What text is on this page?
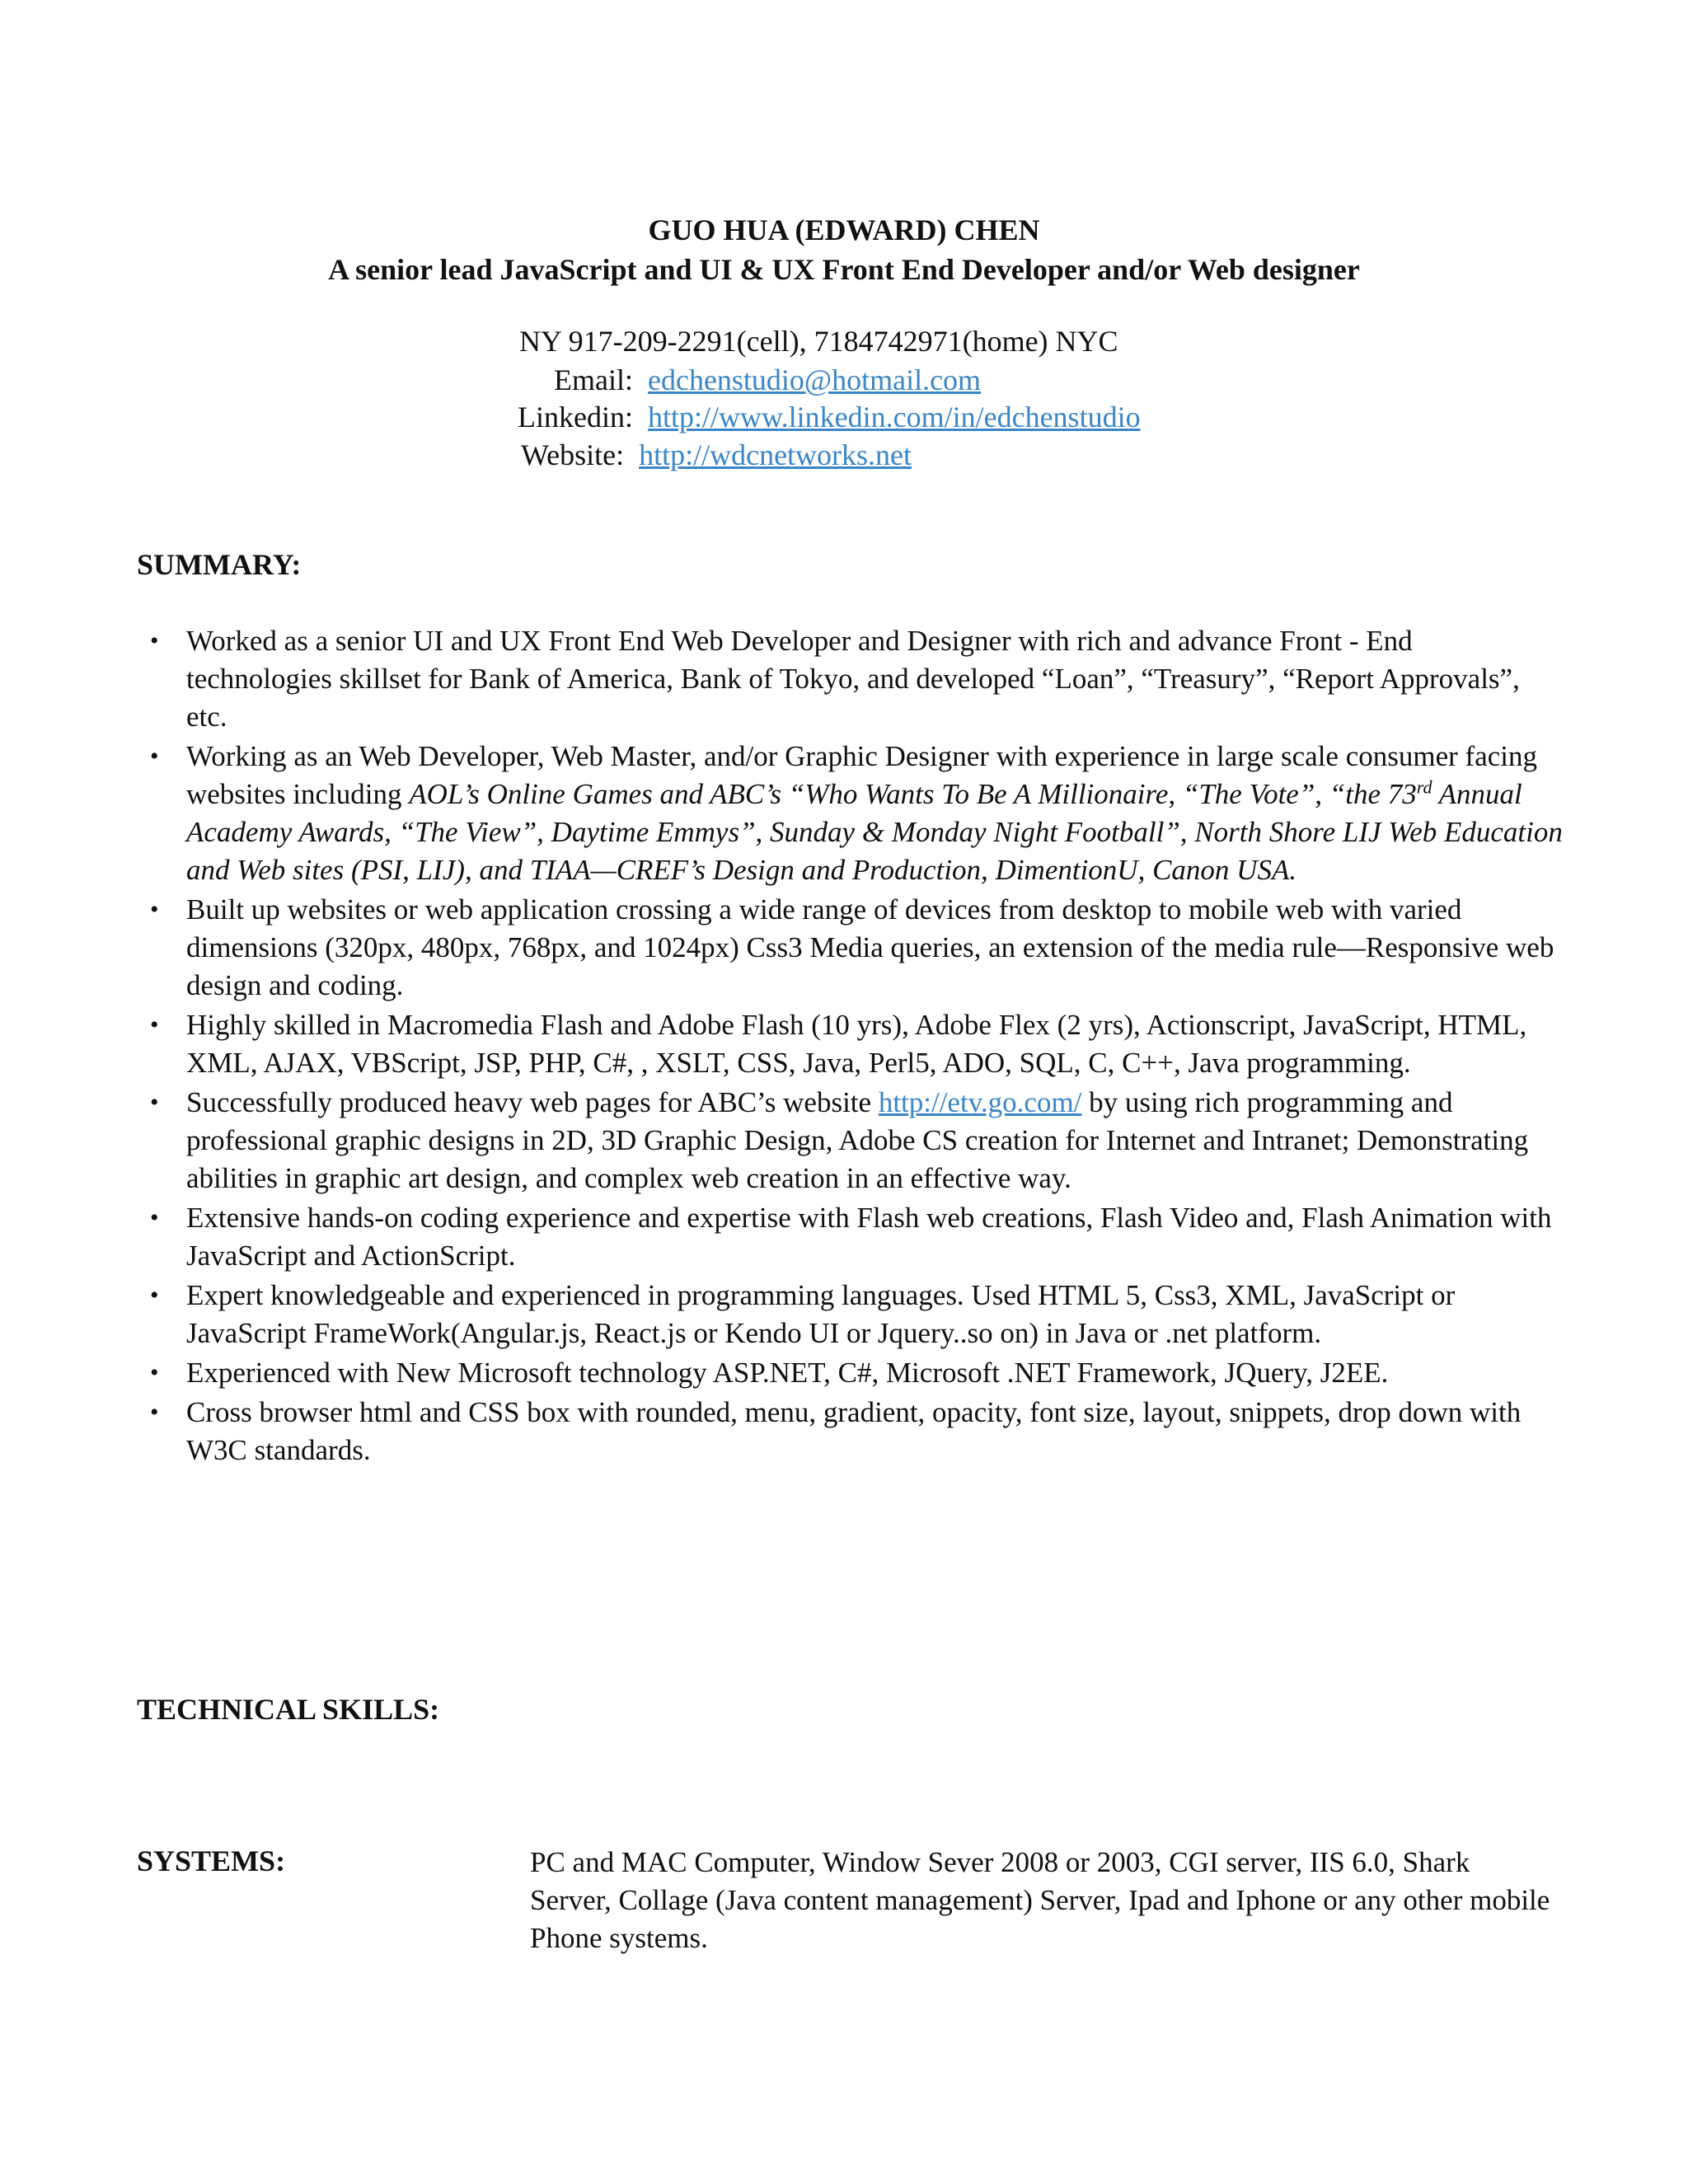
GUO HUA (EDWARD) CHEN
A senior lead JavaScript and UI & UX Front End Developer and/or Web designer
NY 917-209-2291(cell), 7184742971(home) NYC
Email: edchenstudio@hotmail.com
Linkedin: http://www.linkedin.com/in/edchenstudio
Website: http://wdcnetworks.net
SUMMARY:
• Worked as a senior UI and UX Front End Web Developer and Designer with rich and advance Front - End technologies skillset for Bank of America, Bank of Tokyo, and developed “Loan”, “Treasury”, “Report Approvals”, etc.
• Working as an Web Developer, Web Master, and/or Graphic Designer with experience in large scale consumer facing websites including AOL’s Online Games and ABC’s “Who Wants To Be A Millionaire, “The Vote”, “the 73rd Annual Academy Awards, “The View”, Daytime Emmys”, Sunday & Monday Night Football”, North Shore LIJ Web Education and Web sites (PSI, LIJ), and TIAA—CREF’s Design and Production, DimentionU, Canon USA.
• Built up websites or web application crossing a wide range of devices from desktop to mobile web with varied dimensions (320px, 480px, 768px, and 1024px) Css3 Media queries, an extension of the media rule—Responsive web design and coding.
• Highly skilled in Macromedia Flash and Adobe Flash (10 yrs), Adobe Flex (2 yrs), Actionscript, JavaScript, HTML, XML, AJAX, VBScript, JSP, PHP, C#, , XSLT, CSS, Java, Perl5, ADO, SQL, C, C++, Java programming.
• Successfully produced heavy web pages for ABC’s website http://etv.go.com/ by using rich programming and professional graphic designs in 2D, 3D Graphic Design, Adobe CS creation for Internet and Intranet; Demonstrating abilities in graphic art design, and complex web creation in an effective way.
• Extensive hands-on coding experience and expertise with Flash web creations, Flash Video and, Flash Animation with JavaScript and ActionScript.
• Expert knowledgeable and experienced in programming languages. Used HTML 5, Css3, XML, JavaScript or JavaScript FrameWork(Angular.js, React.js or Kendo UI or Jquery..so on) in Java or .net platform.
• Experienced with New Microsoft technology ASP.NET, C#, Microsoft .NET Framework, JQuery, J2EE.
• Cross browser html and CSS box with rounded, menu, gradient, opacity, font size, layout, snippets, drop down with W3C standards.
TECHNICAL SKILLS:
SYSTEMS:	PC and MAC Computer, Window Sever 2008 or 2003, CGI server, IIS 6.0, Shark Server, Collage (Java content management) Server, Ipad and Iphone or any other mobile Phone systems.
